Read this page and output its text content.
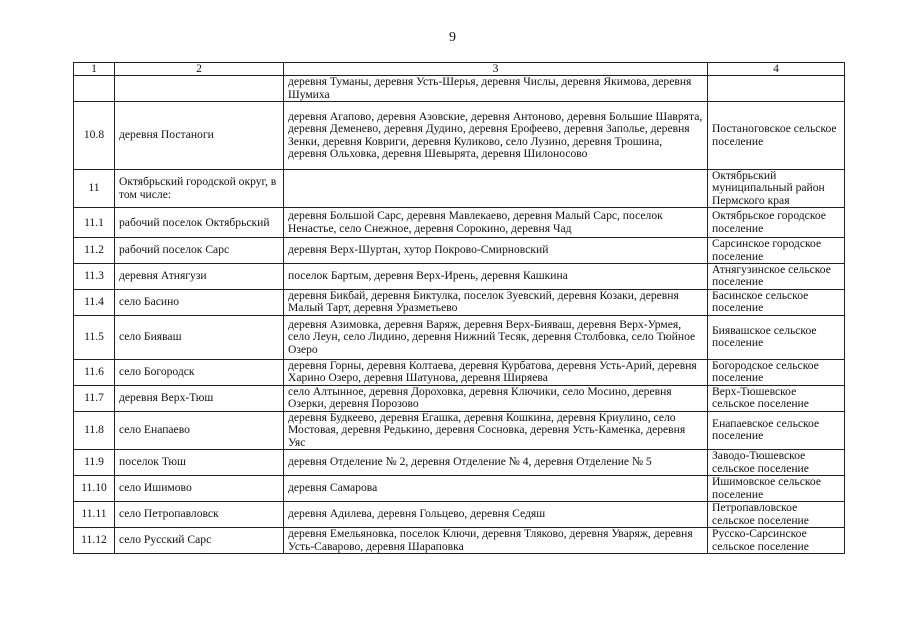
9
1	2	3	4
		деревня Туманы, деревня Усть-Шерья, деревня Числы, деревня Якимова, деревня Шумиха	
10.8	деревня Постаноги	деревня Агапово, деревня Азовские, деревня Антоново, деревня Большие Шаврята, деревня Деменево, деревня Дудино, деревня Ерофеево, деревня Заполье, деревня Зенки, деревня Ковриги, деревня Куликово, село Лузино, деревня Трошина, деревня Ольховка, деревня Шевырята, деревня Шилоносово	Постаноговское сельское поселение
11	Октябрьский городской округ, в том числе:		Октябрьский муниципальный район Пермского края
11.1	рабочий поселок Октябрьский	деревня Большой Сарс, деревня Мавлекаево, деревня Малый Сарс, поселок Ненастье, село Снежное, деревня Сорокино, деревня Чад	Октябрьское городское поселение
11.2	рабочий поселок Сарс	деревня Верх-Шуртан, хутор Покрово-Смирновский	Сарсинское городское поселение
11.3	деревня Атнягузи	поселок Бартым, деревня Верх-Ирень, деревня Кашкина	Атнягузинское сельское поселение
11.4	село Басино	деревня Бикбай, деревня Биктулка, поселок Зуевский, деревня Козаки, деревня Малый Тарт, деревня Уразметьево	Басинское сельское поселение
11.5	село Бияваш	деревня Азимовка, деревня Варяж, деревня Верх-Бияваш, деревня Верх-Урмея, село Леун, село Лидино, деревня Нижний Тесяк, деревня Столбовка, село Тюйное Озеро	Биявашское сельское поселение
11.6	село Богородск	деревня Горны, деревня Колтаева, деревня Курбатова, деревня Усть-Арий, деревня Харино Озеро, деревня Шатунова, деревня Ширяева	Богородское сельское поселение
11.7	деревня Верх-Тюш	село Алтынное, деревня Дороховка, деревня Ключики, село Мосино, деревня Озерки, деревня Порозово	Верх-Тюшевское сельское поселение
11.8	село Енапаево	деревня Будкеево, деревня Егашка, деревня Кошкина, деревня Криулино, село Мостовая, деревня Редькино, деревня Сосновка, деревня Усть-Каменка, деревня Уяс	Енапаевское сельское поселение
11.9	поселок Тюш	деревня Отделение № 2, деревня Отделение № 4, деревня Отделение № 5	Заводо-Тюшевское сельское поселение
11.10	село Ишимово	деревня Самарова	Ишимовское сельское поселение
11.11	село Петропавловск	деревня Адилева, деревня Гольцево, деревня Седяш	Петропавловское сельское поселение
11.12	село Русский Сарс	деревня Емельяновка, поселок Ключи, деревня Тляково, деревня Уваряж, деревня Усть-Саварово, деревня Шараповка	Русско-Сарсинское сельское поселение
